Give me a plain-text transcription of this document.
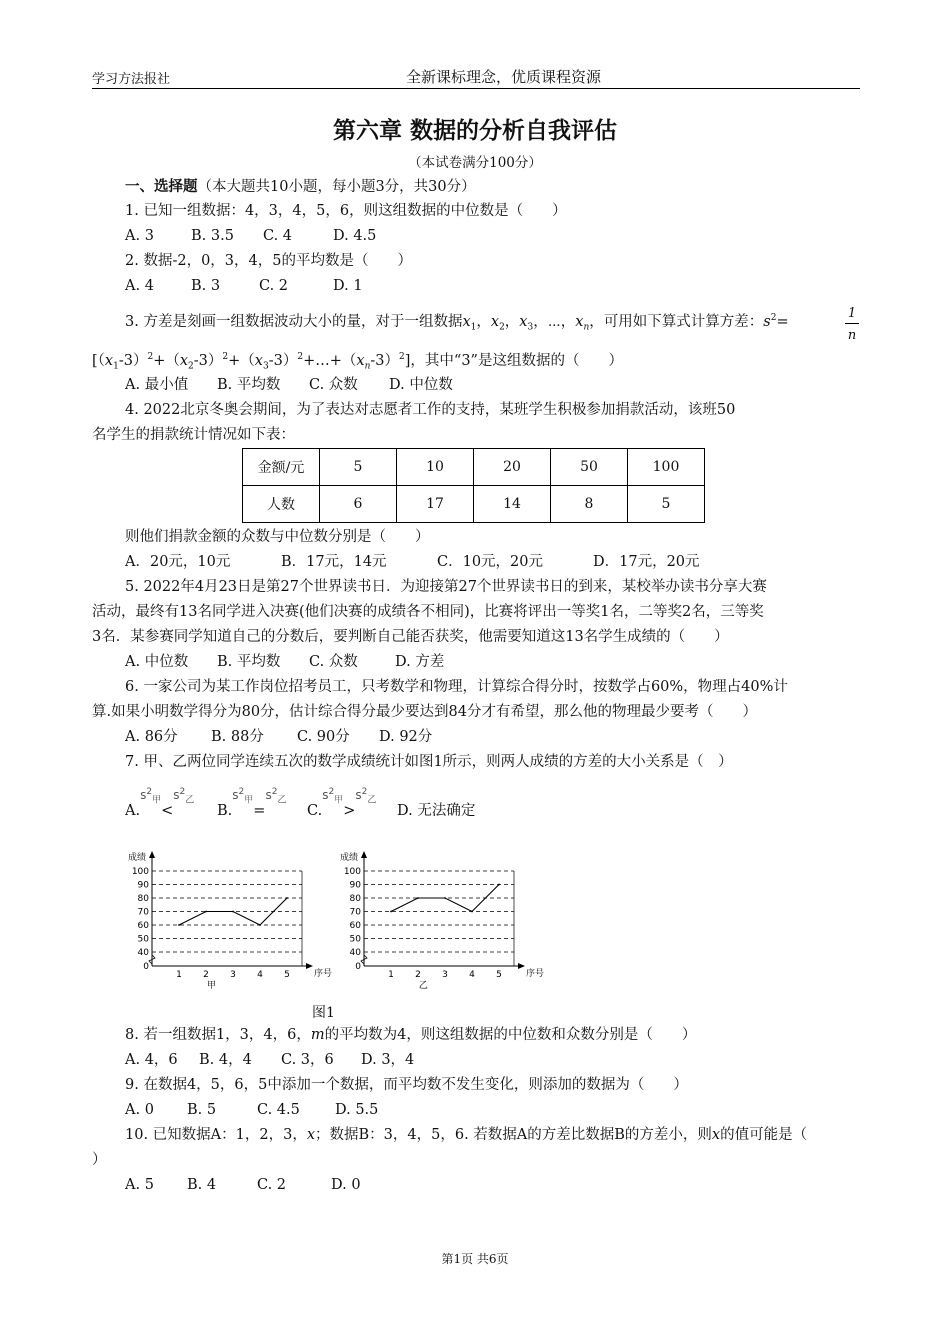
学习方法报社	全新课标理念，优质课程资源
第六章 数据的分析自我评估
（本试卷满分100分）
一、选择题（本大题共10小题，每小题3分，共30分）
1. 已知一组数据：4，3，4，5，6，则这组数据的中位数是（　　）
A. 3	B. 3.5 C. 4	D. 4.5
2. 数据-2，0，3，4，5的平均数是（　　）
A. 4	B. 3	C. 2	D. 1
3. 方差是刻画一组数据波动大小的量，对于一组数据$x_1$，$x_2$，$x_3$，⋯，$x_n$，可用如下算式计算方差：$s^2=$	$\frac{1}{n}$
$[(x_1-3)^2+(x_2-3)^2+(x_3-3)^2+\dots+(x_n-3)^2]$，其中“3”是这组数据的（　　）
A. 最小值 B. 平均数 C. 众数 D. 中位数
4. 2022北京冬奥会期间，为了表达对志愿者工作的支持，某班学生积极参加捐款活动，该班50
名学生的捐款统计情况如下表：
金额/元	5	10	20	50	100
人数	6	17	14	8	5
则他们捐款金额的众数与中位数分别是（　　）
A．20元，10元	B．17元，14元	C．10元，20元	D．17元，20元
5. 2022年4月23日是第27个世界读书日．为迎接第27个世界读书日的到来，某校举办读书分享大赛
活动，最终有13名同学进入决赛(他们决赛的成绩各不相同)，比赛将评出一等奖1名，二等奖2名，三等奖
3名．某参赛同学知道自己的分数后，要判断自己能否获奖，他需要知道这13名学生成绩的（　　）
A. 中位数 B. 平均数 C. 众数	D. 方差
6. 一家公司为某工作岗位招考员工，只考数学和物理，计算综合得分时，按数学占60%，物理占40%计
算.如果小明数学得分为80分，估计综合得分最少要达到84分才有希望，那么他的物理最少要考（　　）
A. 86分 B. 88分 C. 90分 D. 92分
7. 甲、乙两位同学连续五次的数学成绩统计如图1所示，则两人成绩的方差的大小关系是（　）
$A.s^2_甲<s^2_乙B.s^2_甲=s^2_乙C.s^2_甲>s^2_乙D$. 无法确定
40
50
60
70
80
90
100
0
成绩
序号
1 2 3 4 5
甲
40
50
60
70
80
90
100
0
成绩
序号
1 2 3 4 5
乙
图1
8. 若一组数据1，3，4，6，m的平均数为4，则这组数据的中位数和众数分别是（　　）
A. 4，6 B. 4，4 C. 3，6 D. 3，4
9. 在数据4，5，6，5中添加一个数据，而平均数不发生变化，则添加的数据为（　　）
A. 0 B. 5	C. 4.5 D. 5.5
10. 已知数据A：1，2，3，x；数据B：3，4，5，6. 若数据A的方差比数据B的方差小，则x的值可能是（
）
A. 5 B. 4	C. 2	D. 0
第1页 共6页
